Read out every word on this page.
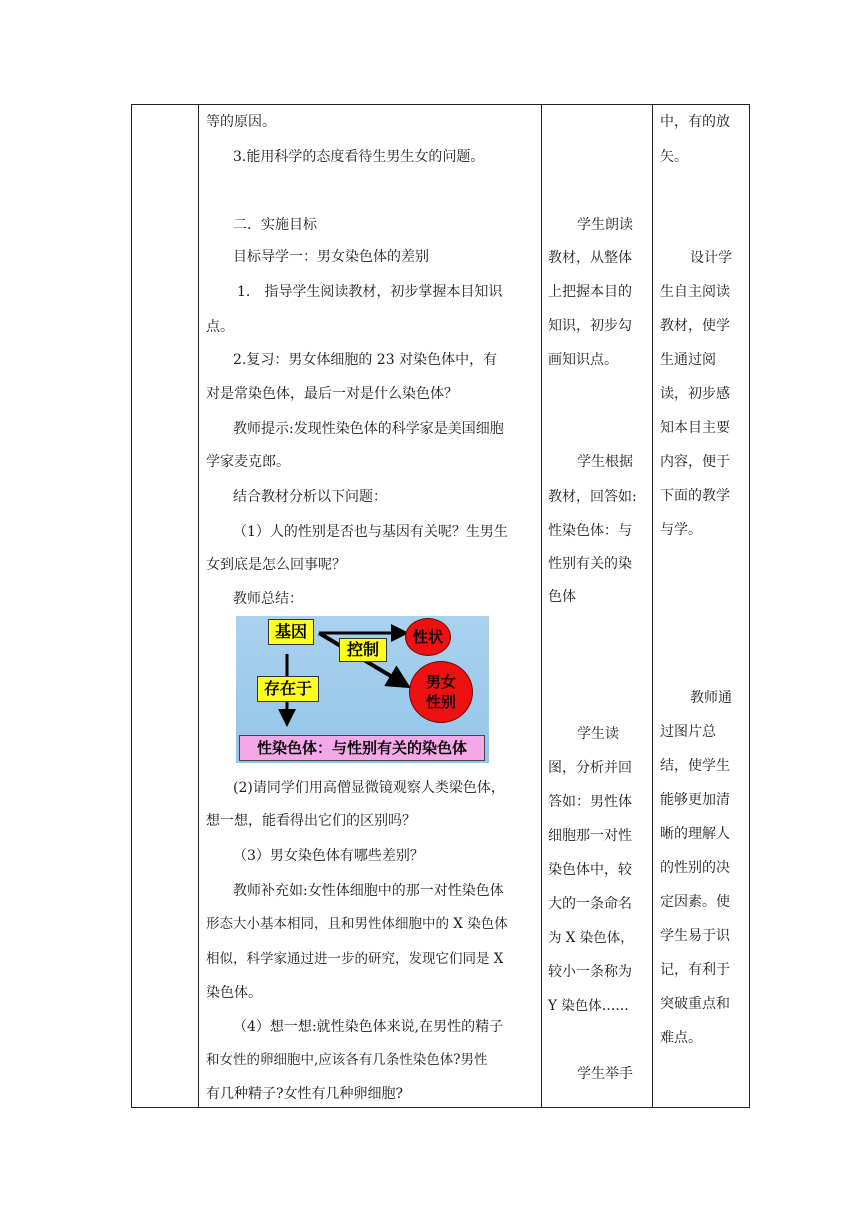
等的原因。
3.能用科学的态度看待生男生女的问题。
二．实施目标
目标导学一：男女染色体的差别
1.　指导学生阅读教材，初步掌握本目知识
点。
2.复习：男女体细胞的 23 对染色体中，有
对是常染色体，最后一对是什么染色体？
教师提示:发现性染色体的科学家是美国细胞
学家麦克郎。
结合教材分析以下问题：
（1）人的性别是否也与基因有关呢？生男生
女到底是怎么回事呢？
教师总结：
基因
控制
存在于
性状
男女
性别
性染色体：与性别有关的染色体
(2)请同学们用高僧显微镜观察人类梁色体，
想一想，能看得出它们的区别吗？
（3）男女染色体有哪些差别？
教师补充如:女性体细胞中的那一对性染色体
形态大小基本相同，且和男性体细胞中的 X 染色体
相似，科学家通过进一步的研究，发现它们同是 X
染色体。
（4）想一想:就性染色体来说,在男性的精子
和女性的卵细胞中,应该各有几条性染色体?男性
有几种精子?女性有几种卵细胞?
学生朗读
教材，从整体
上把握本目的
知识，初步勾
画知识点。
学生根据
教材，回答如:
性染色体：与
性别有关的染
色体
学生读
图，分析并回
答如：男性体
细胞那一对性
染色体中，较
大的一条命名
为 X 染色体，
较小一条称为
Y 染色体……
学生举手
中，有的放
矢。
设计学
生自主阅读
教材，使学
生通过阅
读，初步感
知本目主要
内容，便于
下面的教学
与学。
教师通
过图片总
结，使学生
能够更加清
晰的理解人
的性别的决
定因素。使
学生易于识
记，有利于
突破重点和
难点。
